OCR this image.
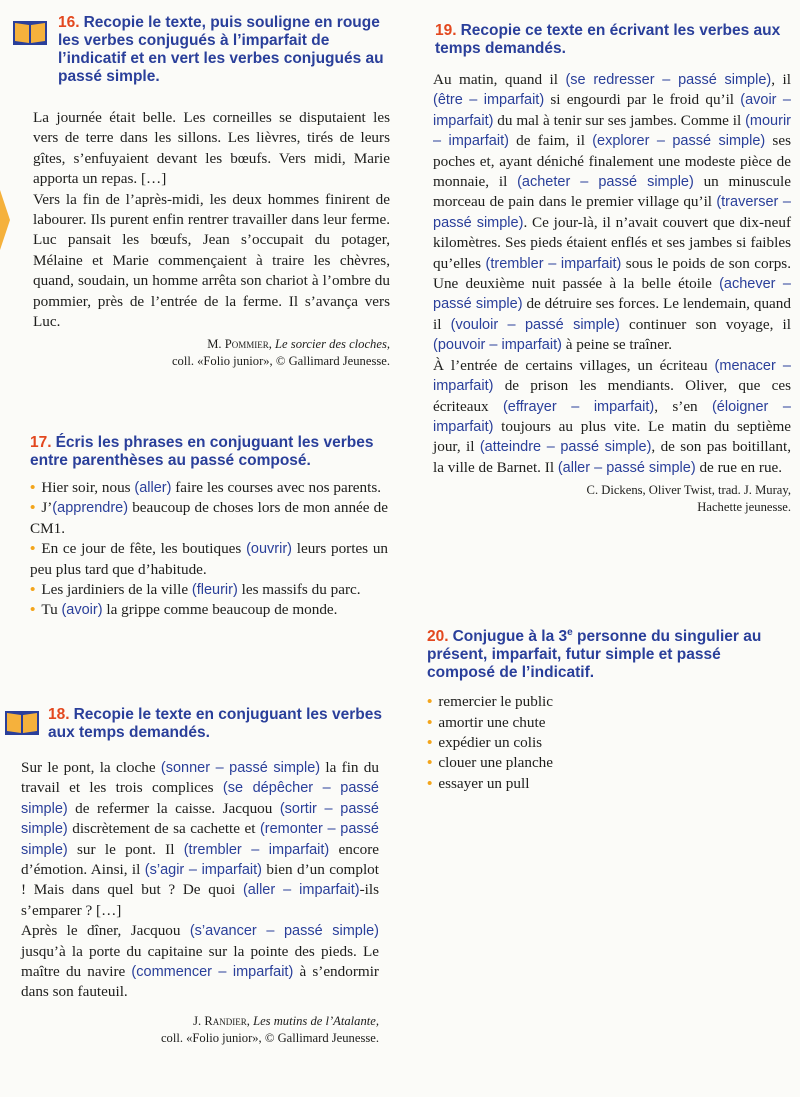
16. Recopie le texte, puis souligne en rouge les verbes conjugués à l’imparfait de l’indicatif et en vert les verbes conjugués au passé simple.

La journée était belle. Les corneilles se disputaient les vers de terre dans les sillons. Les lièvres, tirés de leurs gîtes, s’enfuyaient devant les bœufs. Vers midi, Marie apporta un repas. […]

Vers la fin de l’après-midi, les deux hommes finirent de labourer. Ils purent enfin rentrer travailler dans leur ferme. Luc pansait les bœufs, Jean s’occupait du potager, Mélaine et Marie commençaient à traire les chèvres, quand, soudain, un homme arrêta son chariot à l’ombre du pommier, près de l’entrée de la ferme. Il s’avança vers Luc.

M. Pommier, Le sorcier des cloches,
coll. «Folio junior», © Gallimard Jeunesse.

17. Écris les phrases en conjuguant les verbes entre parenthèses au passé composé.

• Hier soir, nous (aller) faire les courses avec nos parents.
• J’(apprendre) beaucoup de choses lors de mon année de CM1.
• En ce jour de fête, les boutiques (ouvrir) leurs portes un peu plus tard que d’habitude.
• Les jardiniers de la ville (fleurir) les massifs du parc.
• Tu (avoir) la grippe comme beaucoup de monde.

18. Recopie le texte en conjuguant les verbes aux temps demandés.

Sur le pont, la cloche (sonner – passé simple) la fin du travail et les trois complices (se dépêcher – passé simple) de refermer la caisse. Jacquou (sortir – passé simple) discrètement de sa cachette et (remonter – passé simple) sur le pont. Il (trembler – imparfait) encore d’émotion. Ainsi, il (s’agir – imparfait) bien d’un complot ! Mais dans quel but ? De quoi (aller – imparfait)-ils s’emparer ? […]

Après le dîner, Jacquou (s’avancer – passé simple) jusqu’à la porte du capitaine sur la pointe des pieds. Le maître du navire (commencer – imparfait) à s’endormir dans son fauteuil.

J. Randier, Les mutins de l’Atalante,
coll. «Folio junior», © Gallimard Jeunesse.

19. Recopie ce texte en écrivant les verbes aux temps demandés.

Au matin, quand il (se redresser – passé simple), il (être – imparfait) si engourdi par le froid qu’il (avoir – imparfait) du mal à tenir sur ses jambes. Comme il (mourir – imparfait) de faim, il (explorer – passé simple) ses poches et, ayant déniché finalement une modeste pièce de monnaie, il (acheter – passé simple) un minuscule morceau de pain dans le premier village qu’il (traverser – passé simple). Ce jour-là, il n’avait couvert que dix-neuf kilomètres. Ses pieds étaient enflés et ses jambes si faibles qu’elles (trembler – imparfait) sous le poids de son corps. Une deuxième nuit passée à la belle étoile (achever – passé simple) de détruire ses forces. Le lendemain, quand il (vouloir – passé simple) continuer son voyage, il (pouvoir – imparfait) à peine se traîner.

À l’entrée de certains villages, un écriteau (menacer – imparfait) de prison les mendiants. Oliver, que ces écriteaux (effrayer – imparfait), s’en (éloigner – imparfait) toujours au plus vite. Le matin du septième jour, il (atteindre – passé simple), de son pas boitillant, la ville de Barnet. Il (aller – passé simple) de rue en rue.

C. Dickens, Oliver Twist, trad. J. Muray,
Hachette jeunesse.

20. Conjugue à la 3e personne du singulier au présent, imparfait, futur simple et passé composé de l’indicatif.

• remercier le public
• amortir une chute
• expédier un colis
• clouer une planche
• essayer un pull
